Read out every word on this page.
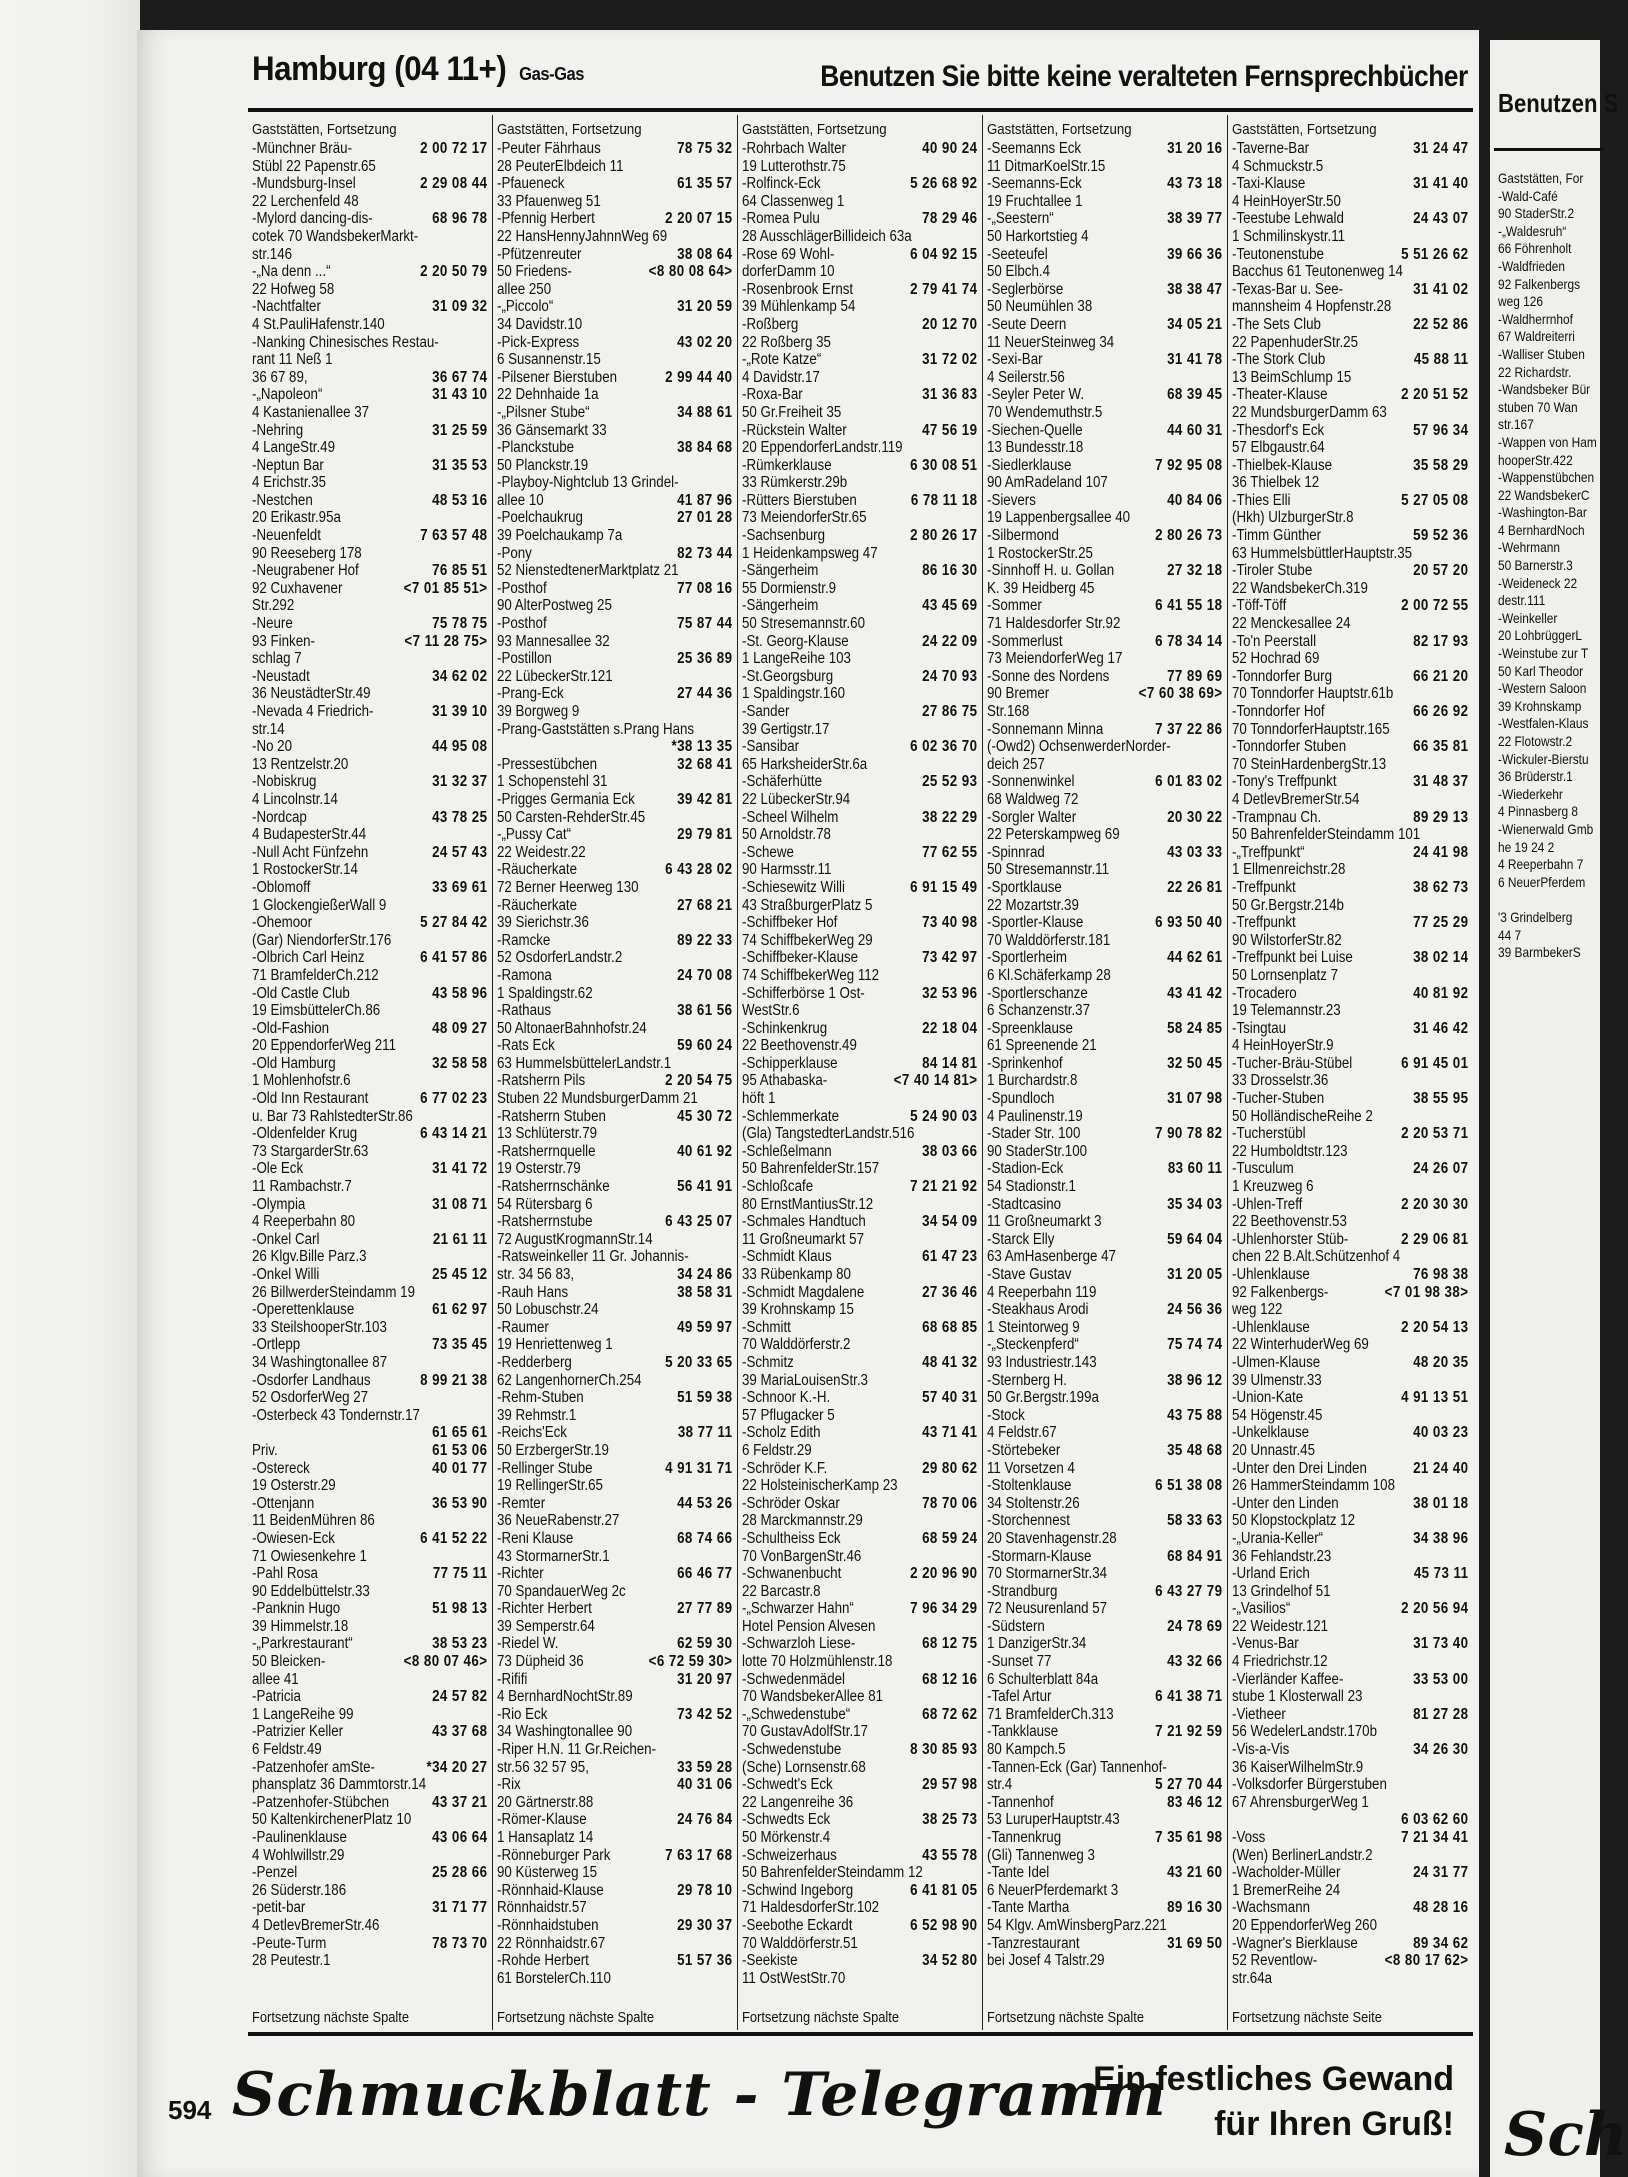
Hamburg (04 11+) Gas-Gas	Benutzen Sie bitte keine veralteten Fernsprechbücher
Gaststätten, Fortsetzung
-Münchner Bräu-	2 00 72 17
Stübl 22 Papenstr.65
-Mundsburg-Insel	2 29 08 44
22 Lerchenfeld 48
-Mylord dancing-dis-	68 96 78
cotek 70 WandsbekerMarkt-
str.146
-„Na denn ...“	2 20 50 79
22 Hofweg 58
-Nachtfalter	31 09 32
4 St.PauliHafenstr.140
-Nanking Chinesisches Restau-
rant 11 Neß 1
36 67 89,	36 67 74
-„Napoleon“	31 43 10
4 Kastanienallee 37
-Nehring	31 25 59
4 LangeStr.49
-Neptun Bar	31 35 53
4 Erichstr.35
-Nestchen	48 53 16
20 Erikastr.95a
-Neuenfeldt	7 63 57 48
90 Reeseberg 178
-Neugrabener Hof	76 85 51
92 Cuxhavener	<7 01 85 51>
Str.292
-Neure	75 78 75
93 Finken-	<7 11 28 75>
schlag 7
-Neustadt	34 62 02
36 NeustädterStr.49
-Nevada 4 Friedrich-	31 39 10
str.14
-No 20	44 95 08
13 Rentzelstr.20
-Nobiskrug	31 32 37
4 Lincolnstr.14
-Nordcap	43 78 25
4 BudapesterStr.44
-Null Acht Fünfzehn	24 57 43
1 RostockerStr.14
-Oblomoff	33 69 61
1 GlockengießerWall 9
-Ohemoor	5 27 84 42
(Gar) NiendorferStr.176
-Olbrich Carl Heinz	6 41 57 86
71 BramfelderCh.212
-Old Castle Club	43 58 96
19 EimsbüttelerCh.86
-Old-Fashion	48 09 27
20 EppendorferWeg 211
-Old Hamburg	32 58 58
1 Mohlenhofstr.6
-Old Inn Restaurant	6 77 02 23
u. Bar 73 RahlstedterStr.86
-Oldenfelder Krug	6 43 14 21
73 StargarderStr.63
-Ole Eck	31 41 72
11 Rambachstr.7
-Olympia	31 08 71
4 Reeperbahn 80
-Onkel Carl	21 61 11
26 Klgv.Bille Parz.3
-Onkel Willi	25 45 12
26 BillwerderSteindamm 19
-Operettenklause	61 62 97
33 SteilshooperStr.103
-Ortlepp	73 35 45
34 Washingtonallee 87
-Osdorfer Landhaus	8 99 21 38
52 OsdorferWeg 27
-Osterbeck 43 Tondernstr.17
61 65 61
Priv.	61 53 06
-Ostereck	40 01 77
19 Osterstr.29
-Ottenjann	36 53 90
11 BeidenMühren 86
-Owiesen-Eck	6 41 52 22
71 Owiesenkehre 1
-Pahl Rosa	77 75 11
90 Eddelbüttelstr.33
-Panknin Hugo	51 98 13
39 Himmelstr.18
-„Parkrestaurant“	38 53 23
50 Bleicken-	<8 80 07 46>
allee 41
-Patricia	24 57 82
1 LangeReihe 99
-Patrizier Keller	43 37 68
6 Feldstr.49
-Patzenhofer amSte-	*34 20 27
phansplatz 36 Dammtorstr.14
-Patzenhofer-Stübchen	43 37 21
50 KaltenkirchenerPlatz 10
-Paulinenklause	43 06 64
4 Wohlwillstr.29
-Penzel	25 28 66
26 Süderstr.186
-petit-bar	31 71 77
4 DetlevBremerStr.46
-Peute-Turm	78 73 70
28 Peutestr.1
Fortsetzung nächste Spalte
Gaststätten, Fortsetzung
-Peuter Fährhaus	78 75 32
28 PeuterElbdeich 11
-Pfaueneck	61 35 57
33 Pfauenweg 51
-Pfennig Herbert	2 20 07 15
22 HansHennyJahnnWeg 69
-Pfützenreuter	38 08 64
50 Friedens-	<8 80 08 64>
allee 250
-„Piccolo“	31 20 59
34 Davidstr.10
-Pick-Express	43 02 20
6 Susannenstr.15
-Pilsener Bierstuben	2 99 44 40
22 Dehnhaide 1a
-„Pilsner Stube“	34 88 61
36 Gänsemarkt 33
-Planckstube	38 84 68
50 Planckstr.19
-Playboy-Nightclub 13 Grindel-
allee 10	41 87 96
-Poelchaukrug	27 01 28
39 Poelchaukamp 7a
-Pony	82 73 44
52 NienstedtenerMarktplatz 21
-Posthof	77 08 16
90 AlterPostweg 25
-Posthof	75 87 44
93 Mannesallee 32
-Postillon	25 36 89
22 LübeckerStr.121
-Prang-Eck	27 44 36
39 Borgweg 9
-Prang-Gaststätten s.Prang Hans
*38 13 35
-Pressestübchen	32 68 41
1 Schopenstehl 31
-Prigges Germania Eck	39 42 81
50 Carsten-RehderStr.45
-„Pussy Cat“	29 79 81
22 Weidestr.22
-Räucherkate	6 43 28 02
72 Berner Heerweg 130
-Räucherkate	27 68 21
39 Sierichstr.36
-Ramcke	89 22 33
52 OsdorferLandstr.2
-Ramona	24 70 08
1 Spaldingstr.62
-Rathaus	38 61 56
50 AltonaerBahnhofstr.24
-Rats Eck	59 60 24
63 HummelsbüttelerLandstr.1
-Ratsherrn Pils	2 20 54 75
Stuben 22 MundsburgerDamm 21
-Ratsherrn Stuben	45 30 72
13 Schlüterstr.79
-Ratsherrnquelle	40 61 92
19 Osterstr.79
-Ratsherrnschänke	56 41 91
54 Rütersbarg 6
-Ratsherrnstube	6 43 25 07
72 AugustKrogmannStr.14
-Ratsweinkeller 11 Gr. Johannis-
str. 34 56 83,	34 24 86
-Rauh Hans	38 58 31
50 Lobuschstr.24
-Raumer	49 59 97
19 Henriettenweg 1
-Redderberg	5 20 33 65
62 LangenhornerCh.254
-Rehm-Stuben	51 59 38
39 Rehmstr.1
-Reichs'Eck	38 77 11
50 ErzbergerStr.19
-Rellinger Stube	4 91 31 71
19 RellingerStr.65
-Remter	44 53 26
36 NeueRabenstr.27
-Reni Klause	68 74 66
43 StormarnerStr.1
-Richter	66 46 77
70 SpandauerWeg 2c
-Richter Herbert	27 77 89
39 Semperstr.64
-Riedel W.	62 59 30
73 Düpheid 36	<6 72 59 30>
-Rififi	31 20 97
4 BernhardNochtStr.89
-Rio Eck	73 42 52
34 Washingtonallee 90
-Riper H.N. 11 Gr.Reichen-
str.56 32 57 95,	33 59 28
-Rix	40 31 06
20 Gärtnerstr.88
-Römer-Klause	24 76 84
1 Hansaplatz 14
-Rönneburger Park	7 63 17 68
90 Küsterweg 15
-Rönnhaid-Klause	29 78 10
Rönnhaidstr.57
-Rönnhaidstuben	29 30 37
22 Rönnhaidstr.67
-Rohde Herbert	51 57 36
61 BorstelerCh.110
Fortsetzung nächste Spalte
Gaststätten, Fortsetzung
-Rohrbach Walter	40 90 24
19 Lutterothstr.75
-Rolfinck-Eck	5 26 68 92
64 Classenweg 1
-Romea Pulu	78 29 46
28 AusschlägerBillideich 63a
-Rose 69 Wohl-	6 04 92 15
dorferDamm 10
-Rosenbrook Ernst	2 79 41 74
39 Mühlenkamp 54
-Roßberg	20 12 70
22 Roßberg 35
-„Rote Katze“	31 72 02
4 Davidstr.17
-Roxa-Bar	31 36 83
50 Gr.Freiheit 35
-Rückstein Walter	47 56 19
20 EppendorferLandstr.119
-Rümkerklause	6 30 08 51
33 Rümkerstr.29b
-Rütters Bierstuben	6 78 11 18
73 MeiendorferStr.65
-Sachsenburg	2 80 26 17
1 Heidenkampsweg 47
-Sängerheim	86 16 30
55 Dormienstr.9
-Sängerheim	43 45 69
50 Stresemannstr.60
-St. Georg-Klause	24 22 09
1 LangeReihe 103
-St.Georgsburg	24 70 93
1 Spaldingstr.160
-Sander	27 86 75
39 Gertigstr.17
-Sansibar	6 02 36 70
65 HarksheiderStr.6a
-Schäferhütte	25 52 93
22 LübeckerStr.94
-Scheel Wilhelm	38 22 29
50 Arnoldstr.78
-Schewe	77 62 55
90 Harmsstr.11
-Schiesewitz Willi	6 91 15 49
43 StraßburgerPlatz 5
-Schiffbeker Hof	73 40 98
74 SchiffbekerWeg 29
-Schiffbeker-Klause	73 42 97
74 SchiffbekerWeg 112
-Schifferbörse 1 Ost-	32 53 96
WestStr.6
-Schinkenkrug	22 18 04
22 Beethovenstr.49
-Schipperklause	84 14 81
95 Athabaska-	<7 40 14 81>
höft 1
-Schlemmerkate	5 24 90 03
(Gla) TangstedterLandstr.516
-Schleßelmann	38 03 66
50 BahrenfelderStr.157
-Schloßcafe	7 21 21 92
80 ErnstMantiusStr.12
-Schmales Handtuch	34 54 09
11 Großneumarkt 57
-Schmidt Klaus	61 47 23
33 Rübenkamp 80
-Schmidt Magdalene	27 36 46
39 Krohnskamp 15
-Schmitt	68 68 85
70 Walddörferstr.2
-Schmitz	48 41 32
39 MariaLouisenStr.3
-Schnoor K.-H.	57 40 31
57 Pflugacker 5
-Scholz Edith	43 71 41
6 Feldstr.29
-Schröder K.F.	29 80 62
22 HolsteinischerKamp 23
-Schröder Oskar	78 70 06
28 Marckmannstr.29
-Schultheiss Eck	68 59 24
70 VonBargenStr.46
-Schwanenbucht	2 20 96 90
22 Barcastr.8
-„Schwarzer Hahn“	7 96 34 29
Hotel Pension Alvesen
-Schwarzloh Liese-	68 12 75
lotte 70 Holzmühlenstr.18
-Schwedenmädel	68 12 16
70 WandsbekerAllee 81
-„Schwedenstube“	68 72 62
70 GustavAdolfStr.17
-Schwedenstube	8 30 85 93
(Sche) Lornsenstr.68
-Schwedt's Eck	29 57 98
22 Langenreihe 36
-Schwedts Eck	38 25 73
50 Mörkenstr.4
-Schweizerhaus	43 55 78
50 BahrenfelderSteindamm 12
-Schwind Ingeborg	6 41 81 05
71 HaldesdorferStr.102
-Seebothe Eckardt	6 52 98 90
70 Walddörferstr.51
-Seekiste	34 52 80
11 OstWestStr.70
Fortsetzung nächste Spalte
Gaststätten, Fortsetzung
-Seemanns Eck	31 20 16
11 DitmarKoelStr.15
-Seemanns-Eck	43 73 18
19 Fruchtallee 1
-„Seestern“	38 39 77
50 Harkortstieg 4
-Seeteufel	39 66 36
50 Elbch.4
-Seglerbörse	38 38 47
50 Neumühlen 38
-Seute Deern	34 05 21
11 NeuerSteinweg 34
-Sexi-Bar	31 41 78
4 Seilerstr.56
-Seyler Peter W.	68 39 45
70 Wendemuthstr.5
-Siechen-Quelle	44 60 31
13 Bundesstr.18
-Siedlerklause	7 92 95 08
90 AmRadeland 107
-Sievers	40 84 06
19 Lappenbergsallee 40
-Silbermond	2 80 26 73
1 RostockerStr.25
-Sinnhoff H. u. Gollan	27 32 18
K. 39 Heidberg 45
-Sommer	6 41 55 18
71 Haldesdorfer Str.92
-Sommerlust	6 78 34 14
73 MeiendorferWeg 17
-Sonne des Nordens	77 89 69
90 Bremer	<7 60 38 69>
Str.168
-Sonnemann Minna	7 37 22 86
(-Owd2) OchsenwerderNorder-
deich 257
-Sonnenwinkel	6 01 83 02
68 Waldweg 72
-Sorgler Walter	20 30 22
22 Peterskampweg 69
-Spinnrad	43 03 33
50 Stresemannstr.11
-Sportklause	22 26 81
22 Mozartstr.39
-Sportler-Klause	6 93 50 40
70 Walddörferstr.181
-Sportlerheim	44 62 61
6 Kl.Schäferkamp 28
-Sportlerschanze	43 41 42
6 Schanzenstr.37
-Spreenklause	58 24 85
61 Spreenende 21
-Sprinkenhof	32 50 45
1 Burchardstr.8
-Spundloch	31 07 98
4 Paulinenstr.19
-Stader Str. 100	7 90 78 82
90 StaderStr.100
-Stadion-Eck	83 60 11
54 Stadionstr.1
-Stadtcasino	35 34 03
11 Großneumarkt 3
-Starck Elly	59 64 04
63 AmHasenberge 47
-Stave Gustav	31 20 05
4 Reeperbahn 119
-Steakhaus Arodi	24 56 36
1 Steintorweg 9
-„Steckenpferd“	75 74 74
93 Industriestr.143
-Sternberg H.	38 96 12
50 Gr.Bergstr.199a
-Stock	43 75 88
4 Feldstr.67
-Störtebeker	35 48 68
11 Vorsetzen 4
-Stoltenklause	6 51 38 08
34 Stoltenstr.26
-Storchennest	58 33 63
20 Stavenhagenstr.28
-Stormarn-Klause	68 84 91
70 StormarnerStr.34
-Strandburg	6 43 27 79
72 Neusurenland 57
-Südstern	24 78 69
1 DanzigerStr.34
-Sunset 77	43 32 66
6 Schulterblatt 84a
-Tafel Artur	6 41 38 71
71 BramfelderCh.313
-Tankklause	7 21 92 59
80 Kampch.5
-Tannen-Eck (Gar) Tannenhof-
str.4	5 27 70 44
-Tannenhof	83 46 12
53 LuruperHauptstr.43
-Tannenkrug	7 35 61 98
(Gli) Tannenweg 3
-Tante Idel	43 21 60
6 NeuerPferdemarkt 3
-Tante Martha	89 16 30
54 Klgv. AmWinsbergParz.221
-Tanzrestaurant	31 69 50
bei Josef 4 Talstr.29
Fortsetzung nächste Spalte
Gaststätten, Fortsetzung
-Taverne-Bar	31 24 47
4 Schmuckstr.5
-Taxi-Klause	31 41 40
4 HeinHoyerStr.50
-Teestube Lehwald	24 43 07
1 Schmilinskystr.11
-Teutonenstube	5 51 26 62
Bacchus 61 Teutonenweg 14
-Texas-Bar u. See-	31 41 02
mannsheim 4 Hopfenstr.28
-The Sets Club	22 52 86
22 PapenhuderStr.25
-The Stork Club	45 88 11
13 BeimSchlump 15
-Theater-Klause	2 20 51 52
22 MundsburgerDamm 63
-Thesdorf's Eck	57 96 34
57 Elbgaustr.64
-Thielbek-Klause	35 58 29
36 Thielbek 12
-Thies Elli	5 27 05 08
(Hkh) UlzburgerStr.8
-Timm Günther	59 52 36
63 HummelsbüttlerHauptstr.35
-Tiroler Stube	20 57 20
22 WandsbekerCh.319
-Töff-Töff	2 00 72 55
22 Menckesallee 24
-To'n Peerstall	82 17 93
52 Hochrad 69
-Tonndorfer Burg	66 21 20
70 Tonndorfer Hauptstr.61b
-Tonndorfer Hof	66 26 92
70 TonndorferHauptstr.165
-Tonndorfer Stuben	66 35 81
70 SteinHardenbergStr.13
-Tony's Treffpunkt	31 48 37
4 DetlevBremerStr.54
-Trampnau Ch.	89 29 13
50 BahrenfelderSteindamm 101
-„Treffpunkt“	24 41 98
1 Ellmenreichstr.28
-Treffpunkt	38 62 73
50 Gr.Bergstr.214b
-Treffpunkt	77 25 29
90 WilstorferStr.82
-Treffpunkt bei Luise	38 02 14
50 Lornsenplatz 7
-Trocadero	40 81 92
19 Telemannstr.23
-Tsingtau	31 46 42
4 HeinHoyerStr.9
-Tucher-Bräu-Stübel	6 91 45 01
33 Drosselstr.36
-Tucher-Stuben	38 55 95
50 HolländischeReihe 2
-Tucherstübl	2 20 53 71
22 Humboldtstr.123
-Tusculum	24 26 07
1 Kreuzweg 6
-Uhlen-Treff	2 20 30 30
22 Beethovenstr.53
-Uhlenhorster Stüb-	2 29 06 81
chen 22 B.Alt.Schützenhof 4
-Uhlenklause	76 98 38
92 Falkenbergs-	<7 01 98 38>
weg 122
-Uhlenklause	2 20 54 13
22 WinterhuderWeg 69
-Ulmen-Klause	48 20 35
39 Ulmenstr.33
-Union-Kate	4 91 13 51
54 Högenstr.45
-Unkelklause	40 03 23
20 Unnastr.45
-Unter den Drei Linden	21 24 40
26 HammerSteindamm 108
-Unter den Linden	38 01 18
50 Klopstockplatz 12
-„Urania-Keller“	34 38 96
36 Fehlandstr.23
-Urland Erich	45 73 11
13 Grindelhof 51
-„Vasilios“	2 20 56 94
22 Weidestr.121
-Venus-Bar	31 73 40
4 Friedrichstr.12
-Vierländer Kaffee-	33 53 00
stube 1 Klosterwall 23
-Vietheer	81 27 28
56 WedelerLandstr.170b
-Vis-a-Vis	34 26 30
36 KaiserWilhelmStr.9
-Volksdorfer Bürgerstuben
67 AhrensburgerWeg 1
6 03 62 60
-Voss	7 21 34 41
(Wen) BerlinerLandstr.2
-Wacholder-Müller	24 31 77
1 BremerReihe 24
-Wachsmann	48 28 16
20 EppendorferWeg 260
-Wagner's Bierklause	89 34 62
52 Reventlow-	<8 80 17 62>
str.64a
Fortsetzung nächste Seite
594 Schmuckblatt - Telegramm
Ein festliches Gewand
für Ihren Gruß!
Benutzen S
Gaststätten, For
-Wald-Café
90 StaderStr.2
-„Waldesruh“
66 Föhrenholt
-Waldfrieden
92 Falkenbergs
weg 126
-Waldherrnhof
67 Waldreiterri
-Walliser Stuben
22 Richardstr.
-Wandsbeker Bür
stuben 70 Wan
str.167
-Wappen von Ham
hooperStr.422
-Wappenstübchen
22 WandsbekerC
-Washington-Bar
4 BernhardNoch
-Wehrmann
50 Barnerstr.3
-Weideneck 22
destr.111
-Weinkeller
20 LohbrüggerL
-Weinstube zur T
50 Karl Theodor
-Western Saloon
39 Krohnskamp
-Westfalen-Klaus
22 Flotowstr.2
-Wickuler-Bierstu
36 Brüderstr.1
-Wiederkehr
4 Pinnasberg 8
-Wienerwald Gmb
he 19 24 2
4 Reeperbahn 7
6 NeuerPferdem

'3 Grindelberg
44 7
39 BarmbekerS
Sch
